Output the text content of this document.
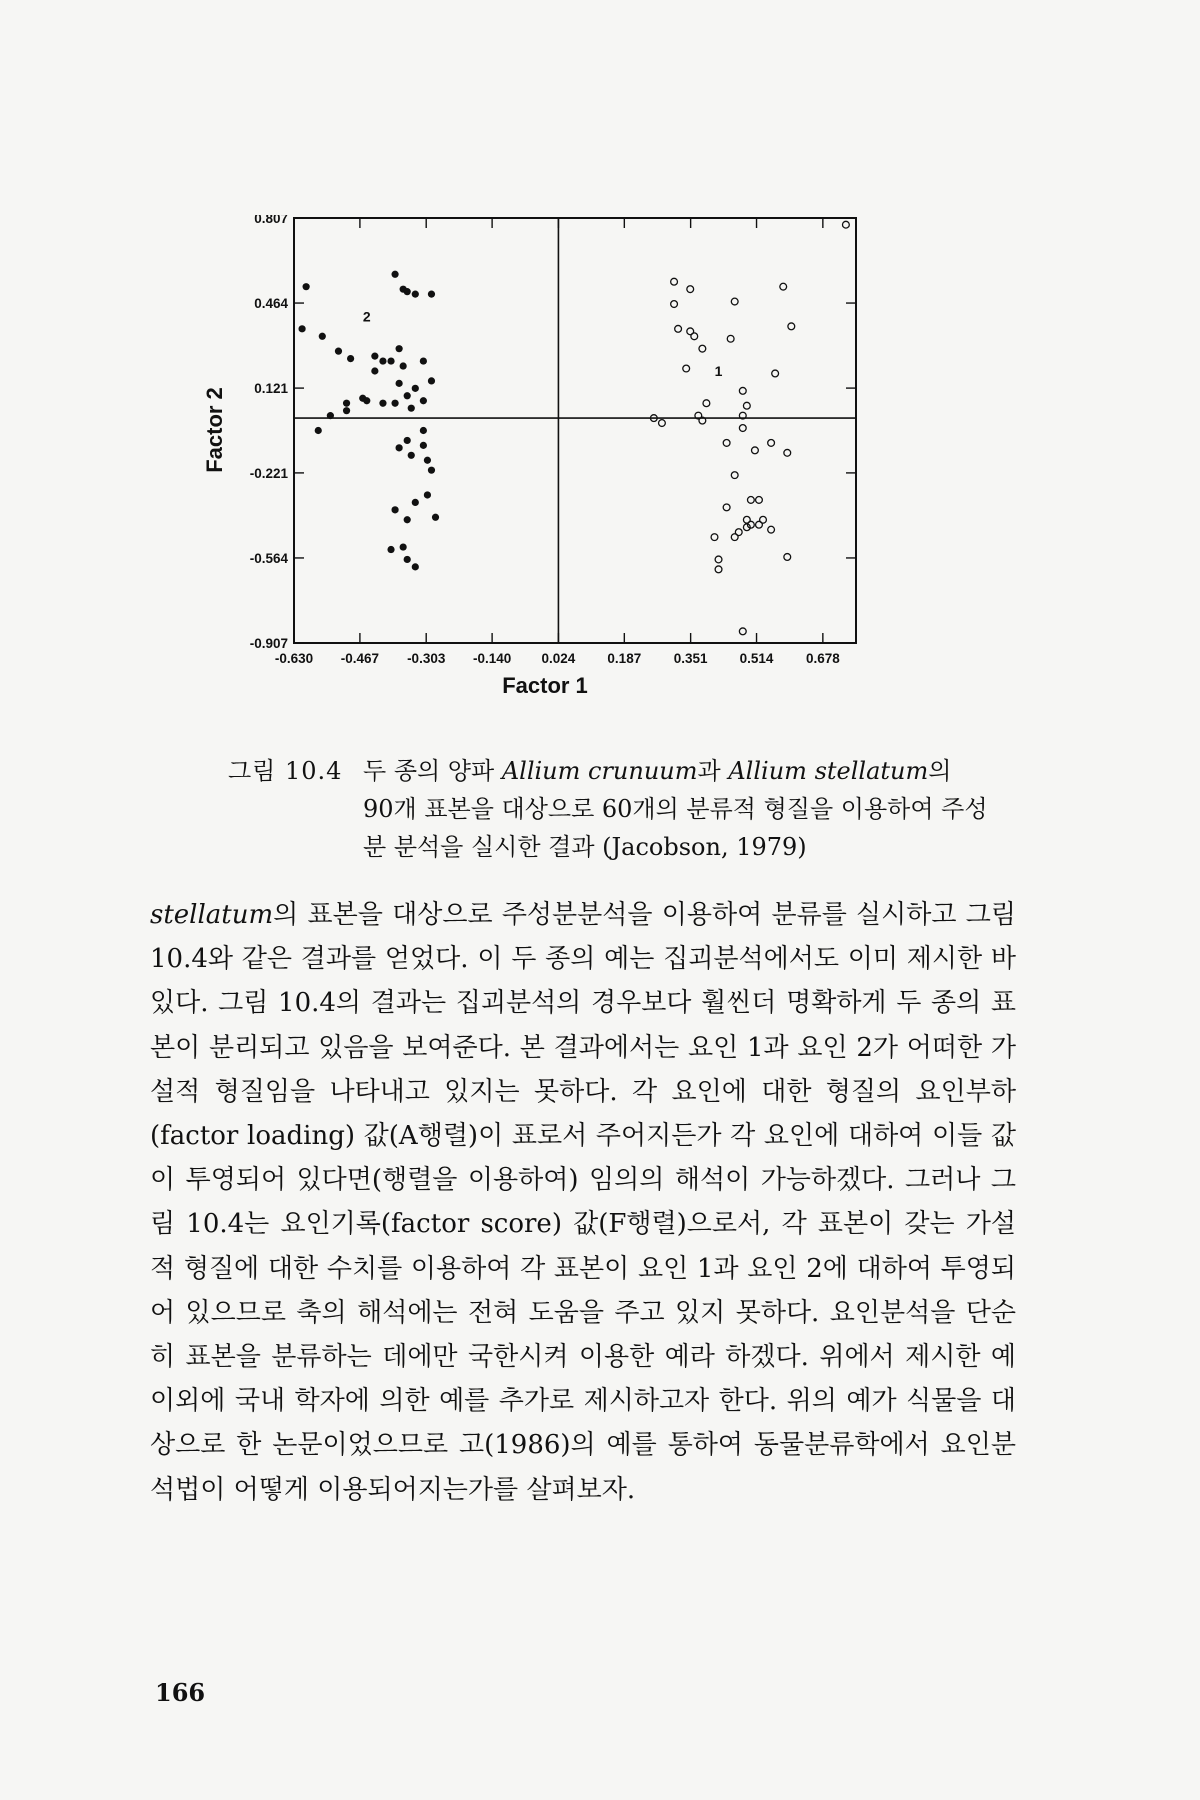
-0.630 -0.467 -0.303 -0.140 0.024 0.187 0.351 0.514 0.678
0.807
0.464
0.121
-0.221
-0.564
-0.907
2
1
Factor 1
Factor 2
그림 10.4 두 종의 양파 Allium crunuum과 Allium stellatum의 90개 표본을 대상으로 60개의 분류적 형질을 이용하여 주성분 분석을 실시한 결과 (Jacobson, 1979)

stellatum의 표본을 대상으로 주성분분석을 이용하여 분류를 실시하고 그림 10.4와 같은 결과를 얻었다. 이 두 종의 예는 집괴분석에서도 이미 제시한 바 있다. 그림 10.4의 결과는 집괴분석의 경우보다 훨씬더 명확하게 두 종의 표본이 분리되고 있음을 보여준다. 본 결과에서는 요인 1과 요인 2가 어떠한 가설적 형질임을 나타내고 있지는 못하다. 각 요인에 대한 형질의 요인부하(factor loading) 값(A행렬)이 표로서 주어지든가 각 요인에 대하여 이들 값이 투영되어 있다면(행렬을 이용하여) 임의의 해석이 가능하겠다. 그러나 그림 10.4는 요인기록(factor score) 값(F행렬)으로서, 각 표본이 갖는 가설적 형질에 대한 수치를 이용하여 각 표본이 요인 1과 요인 2에 대하여 투영되어 있으므로 축의 해석에는 전혀 도움을 주고 있지 못하다. 요인분석을 단순히 표본을 분류하는 데에만 국한시켜 이용한 예라 하겠다. 위에서 제시한 예 이외에 국내 학자에 의한 예를 추가로 제시하고자 한다. 위의 예가 식물을 대상으로 한 논문이었으므로 고(1986)의 예를 통하여 동물분류학에서 요인분석법이 어떻게 이용되어지는가를 살펴보자.

166
